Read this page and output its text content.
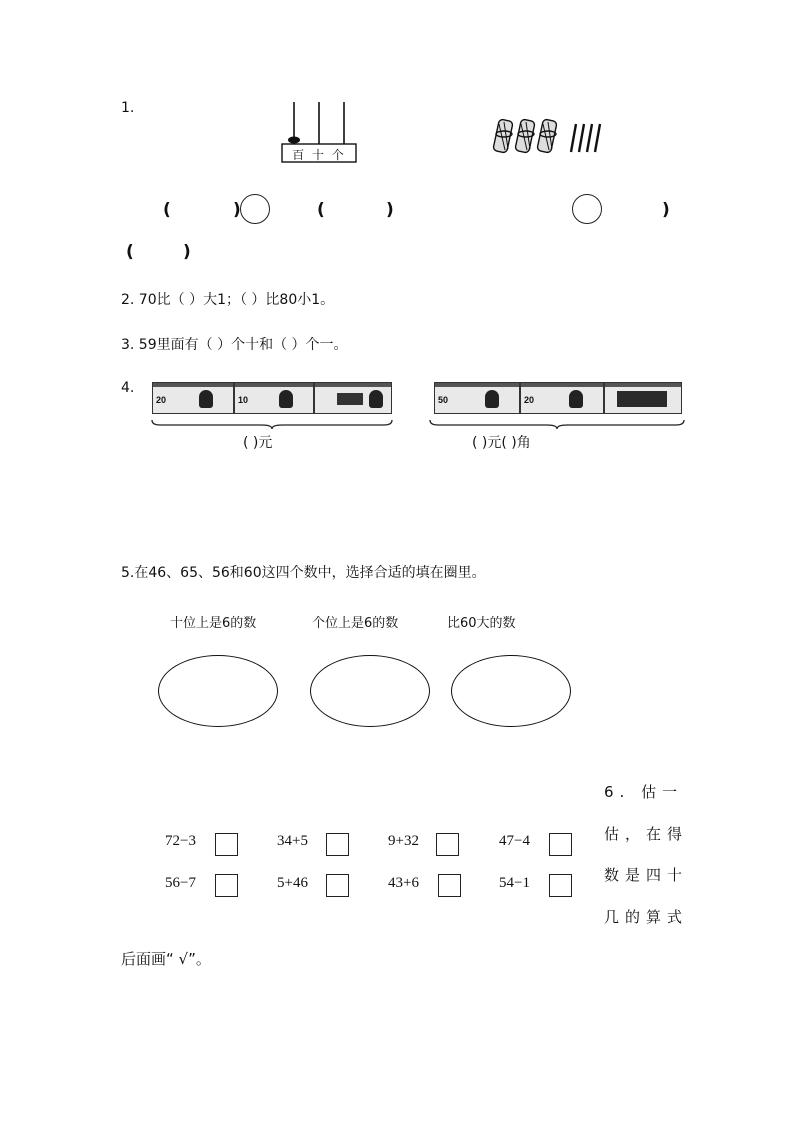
1.
百 十 个
(	)	(	)	)
(	)
2. 70比（ ）大1；（ ）比80小1。
3. 59里面有（ ）个十和（ ）个一。
4.
20	10
( )元
50	20
( )元( )角
5.在46、65、56和60这四个数中，选择合适的填在圈里。
十位上是6的数	个位上是6的数	比60大的数
6. 估一
估，在得
数是四十
几的算式
后面画“ √”。
72−3	34+5	9+32	47−4
56−7	5+46	43+6	54−1
